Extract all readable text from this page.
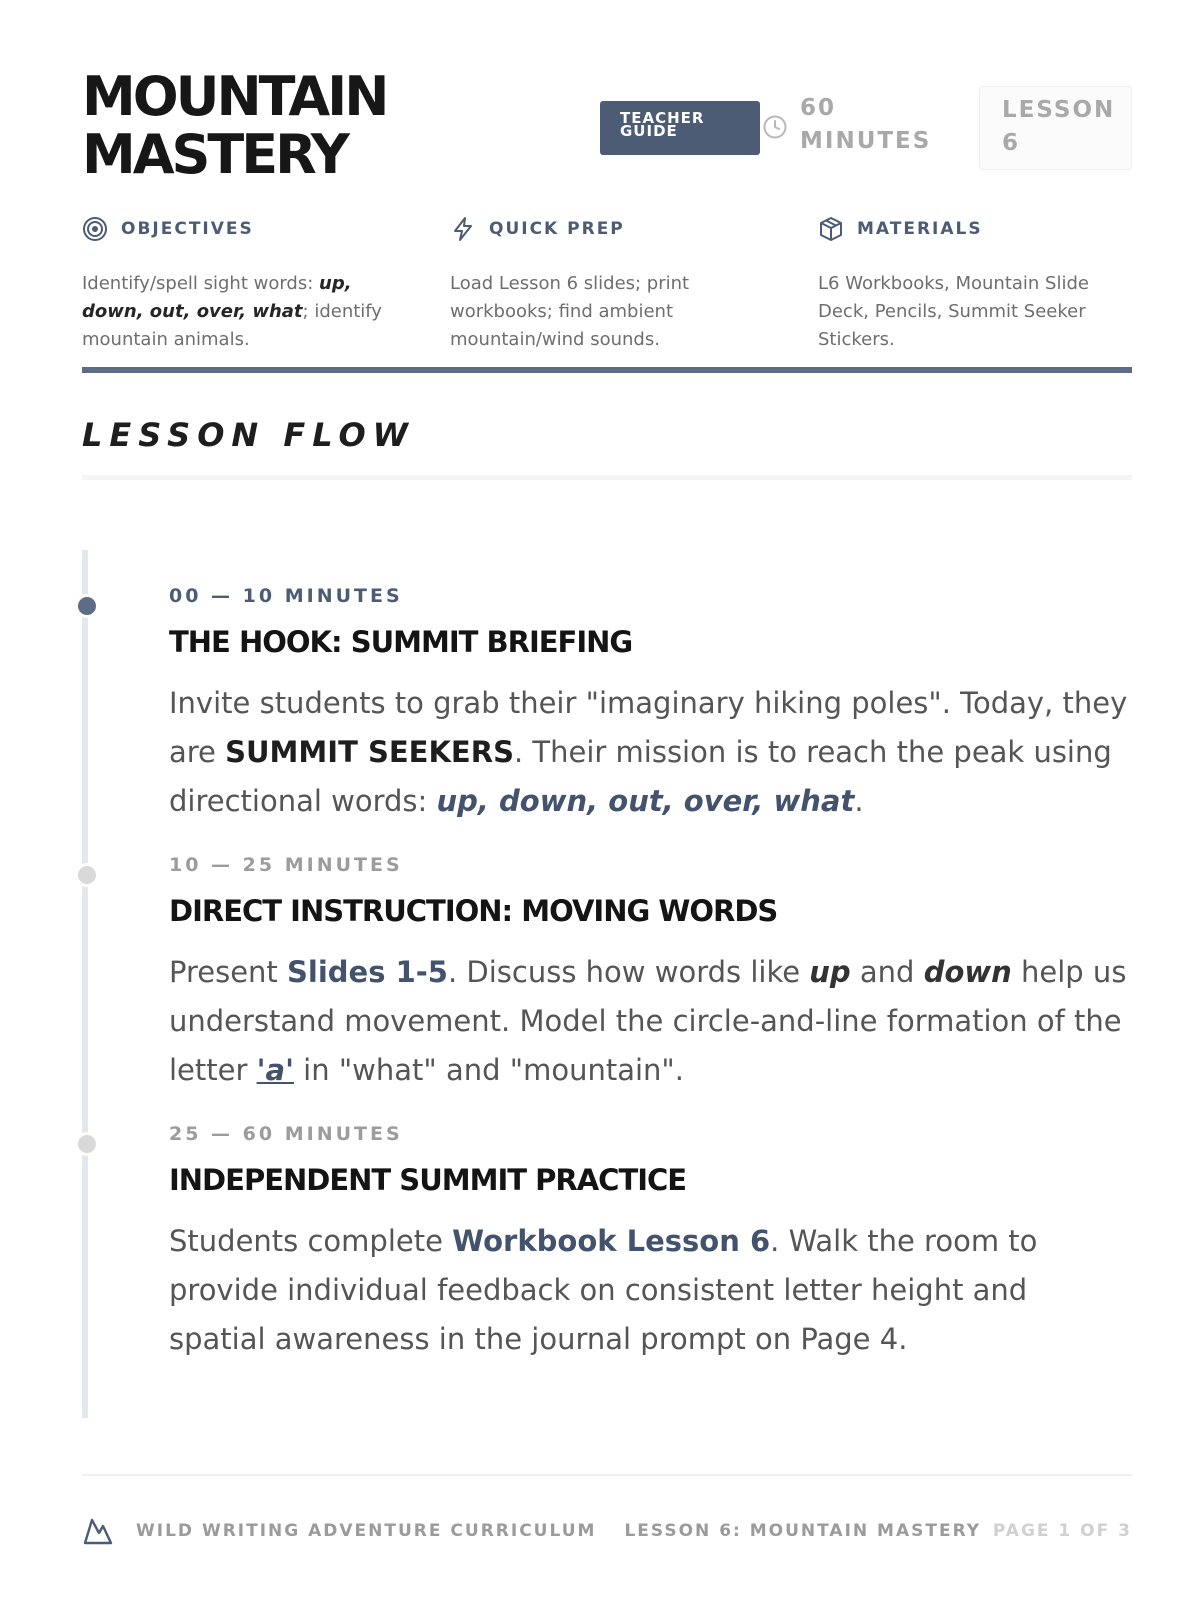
MOUNTAIN
MASTERY
TEACHER
GUIDE
60
MINUTES
LESSON
6
OBJECTIVES

Identify/spell sight words: up, down, out, over, what; identify mountain animals.

QUICK PREP

Load Lesson 6 slides; print workbooks; find ambient mountain/wind sounds.

MATERIALS

L6 Workbooks, Mountain Slide Deck, Pencils, Summit Seeker Stickers.

LESSON FLOW
00 — 10 MINUTES
THE HOOK: SUMMIT BRIEFING

Invite students to grab their "imaginary hiking poles". Today, they are SUMMIT SEEKERS. Their mission is to reach the peak using directional words: up, down, out, over, what.

10 — 25 MINUTES
DIRECT INSTRUCTION: MOVING WORDS

Present Slides 1-5. Discuss how words like up and down help us understand movement. Model the circle-and-line formation of the letter 'a' in "what" and "mountain".

25 — 60 MINUTES
INDEPENDENT SUMMIT PRACTICE

Students complete Workbook Lesson 6. Walk the room to provide individual feedback on consistent letter height and spatial awareness in the journal prompt on Page 4.

WILD WRITING ADVENTURE CURRICULUM LESSON 6: MOUNTAIN MASTERY PAGE 1 OF 3
